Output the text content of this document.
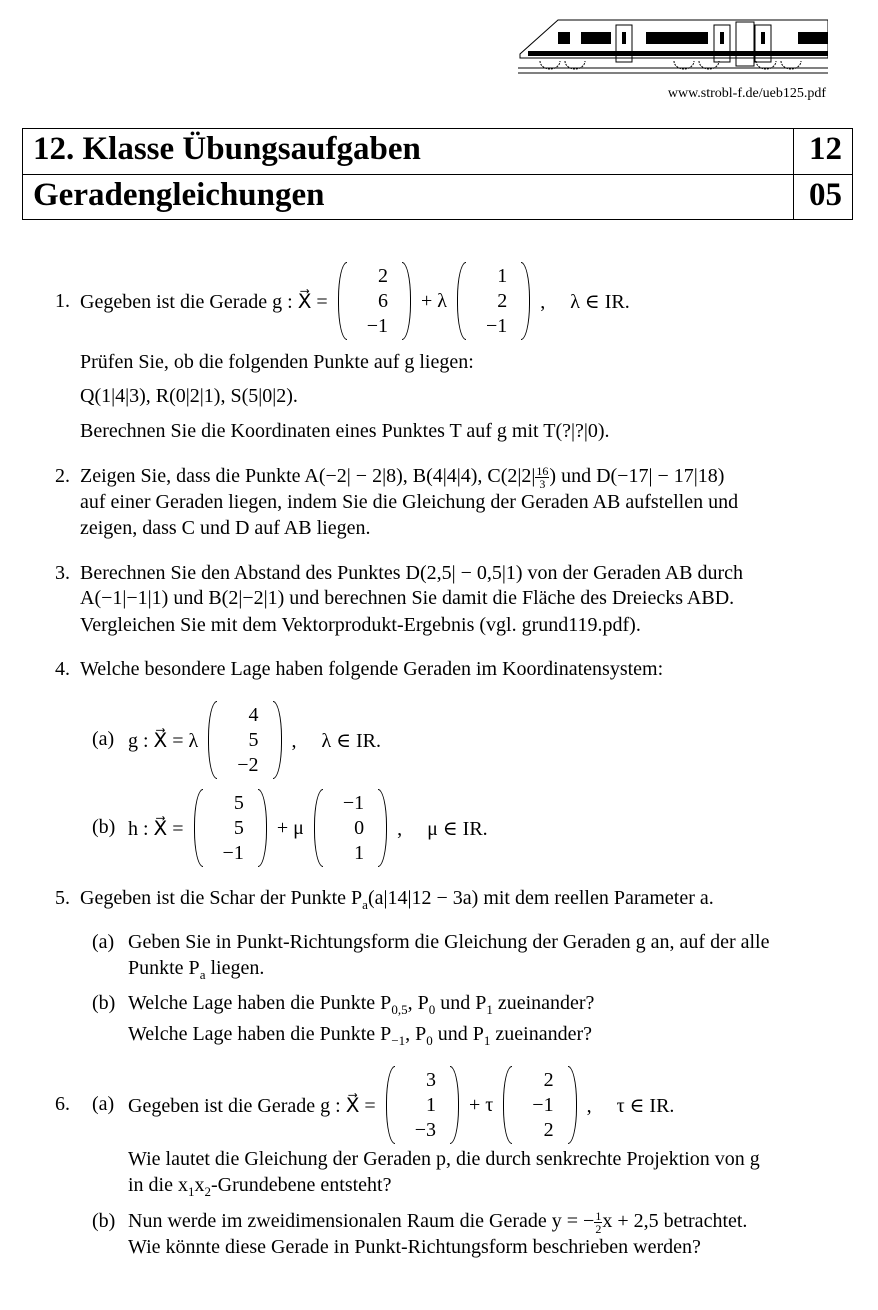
www.strobl-f.de/ueb125.pdf
12. Klasse Übungsaufgaben	12
Geradengleichungen	05
1. Gegeben ist die Gerade g : X⃗ =
2
6
−1
+ λ
1
2
−1
,     λ ∈ IR.
Prüfen Sie, ob die folgenden Punkte auf g liegen:
Q(1|4|3), R(0|2|1), S(5|0|2).
Berechnen Sie die Koordinaten eines Punktes T auf g mit T(?|?|0).
2. Zeigen Sie, dass die Punkte A(−2| − 2|8), B(4|4|4), $C(2|2| \frac{16}{3}$ ) und D(−17| − 17|18)
auf einer Geraden liegen, indem Sie die Gleichung der Geraden AB aufstellen und
zeigen, dass C und D auf AB liegen.
3. Berechnen Sie den Abstand des Punktes D(2,5| − 0,5|1) von der Geraden AB durch
A(−1|−1|1) und B(2|−2|1) und berechnen Sie damit die Fläche des Dreiecks ABD.
Vergleichen Sie mit dem Vektorprodukt-Ergebnis (vgl. grund119.pdf).
4. Welche besondere Lage haben folgende Geraden im Koordinatensystem:
(a) g : X⃗ = λ
4
5
−2
,     λ ∈ IR.
(b) h : X⃗ =
5
5
−1
+ μ
−1
0
1
,     μ ∈ IR.
5. Gegeben ist die Schar der Punkte $P_a(a|14|12 - 3a)$ mit dem reellen Parameter a.
(a) Geben Sie in Punkt-Richtungsform die Gleichung der Geraden g an, auf der alle
Punkte $P_a$ liegen.
(b) Welche Lage haben die Punkte $P_{0,5}$, $P_0$ und $P_1$ zueinander?
Welche Lage haben die Punkte $P_{-1}$, $P_0$ und $P_1$ zueinander?
6. (a) Gegeben ist die Gerade g : X⃗ =
3
1
−3
+ τ
2
−1
2
,     τ ∈ IR.
Wie lautet die Gleichung der Geraden p, die durch senkrechte Projektion von g
in die $x_1x_2$-Grundebene entsteht?
(b) Nun werde im zweidimensionalen Raum die Gerade y = − $\frac{1}{2}$ x + 2,5 betrachtet.
Wie könnte diese Gerade in Punkt-Richtungsform beschrieben werden?
